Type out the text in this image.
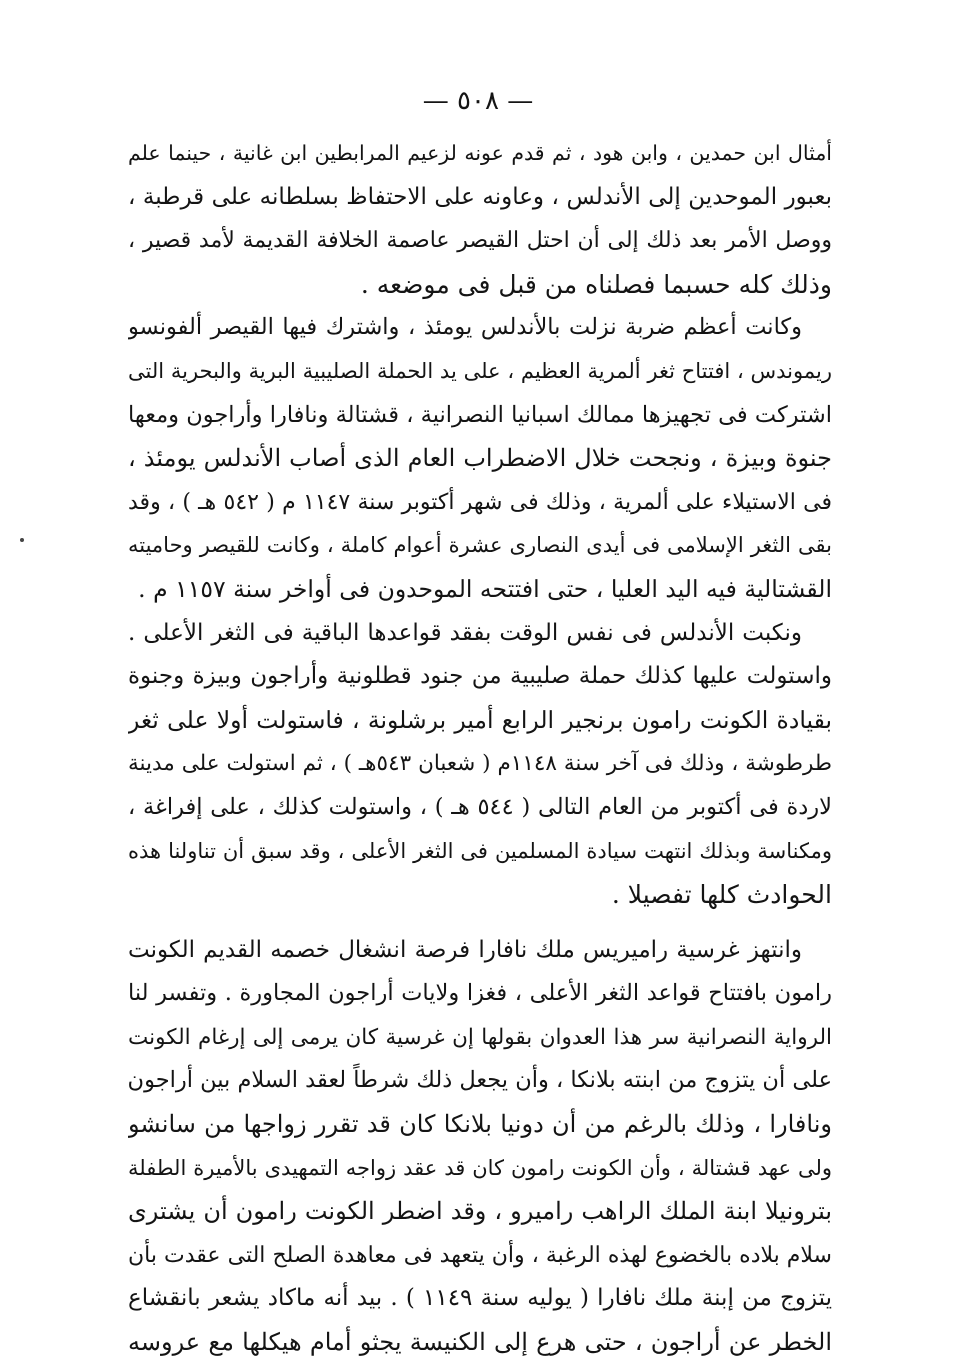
— ٥٠٨ —
أمثال ابن حمدين ، وابن هود ، ثم قدم عونه لزعيم المرابطين ابن غانية ، حينما علم
بعبور الموحدين إلى الأندلس ، وعاونه على الاحتفاظ بسلطانه على قرطبة ،
ووصل الأمر بعد ذلك إلى أن احتل القيصر عاصمة الخلافة القديمة لأمد قصير ،
وذلك كله حسبما فصلناه من قبل فى موضعه .
وكانت أعظم ضربة نزلت بالأندلس يومئذ ، واشترك فيها القيصر ألفونسو
ريموندس ، افتتاح ثغر ألمرية العظيم ، على يد الحملة الصليبية البرية والبحرية التى
اشتركت فى تجهيزها ممالك اسبانيا النصرانية ، قشتالة ونافارا وأراجون ومعها
جنوة وبيزة ، ونجحت خلال الاضطراب العام الذى أصاب الأندلس يومئذ ،
فى الاستيلاء على ألمرية ، وذلك فى شهر أكتوبر سنة ١١٤٧ م ( ٥٤٢ هـ ) ، وقد
بقى الثغر الإسلامى فى أيدى النصارى عشرة أعوام كاملة ، وكانت للقيصر وحاميته
القشتالية فيه اليد العليا ، حتى افتتحه الموحدون فى أواخر سنة ١١٥٧ م .
ونكبت الأندلس فى نفس الوقت بفقد قواعدها الباقية فى الثغر الأعلى .
واستولت عليها كذلك حملة صليبية من جنود قطلونية وأراجون وبيزة وجنوة
بقيادة الكونت رامون برنجير الرابع أمير برشلونة ، فاستولت أولا على ثغر
طرطوشة ، وذلك فى آخر سنة ١١٤٨م ( شعبان ٥٤٣هـ ) ، ثم استولت على مدينة
لاردة فى أكتوبر من العام التالى ( ٥٤٤ هـ ) ، واستولت كذلك ، على إفراغة ،
ومكناسة وبذلك انتهت سيادة المسلمين فى الثغر الأعلى ، وقد سبق أن تناولنا هذه
الحوادث كلها تفصيلا .
وانتهز غرسية راميريس ملك نافارا فرصة انشغال خصمه القديم الكونت
رامون بافتتاح قواعد الثغر الأعلى ، فغزا ولايات أراجون المجاورة . وتفسر لنا
الرواية النصرانية سر هذا العدوان بقولها إن غرسية كان يرمى إلى إرغام الكونت
على أن يتزوج من ابنته بلانكا ، وأن يجعل ذلك شرطاً لعقد السلام بين أراجون
ونافارا ، وذلك بالرغم من أن دونيا بلانكا كان قد تقرر زواجها من سانشو
ولى عهد قشتالة ، وأن الكونت رامون كان قد عقد زواجه التمهيدى بالأميرة الطفلة
بترونيلا ابنة الملك الراهب راميرو ، وقد اضطر الكونت رامون أن يشترى
سلام بلاده بالخضوع لهذه الرغبة ، وأن يتعهد فى معاهدة الصلح التى عقدت بأن
يتزوج من إبنة ملك نافارا ( يوليه سنة ١١٤٩ ) . بيد أنه ماكاد يشعر بانقشاع
الخطر عن أراجون ، حتى هرع إلى الكنيسة يجثو أمام هيكلها مع عروسه
